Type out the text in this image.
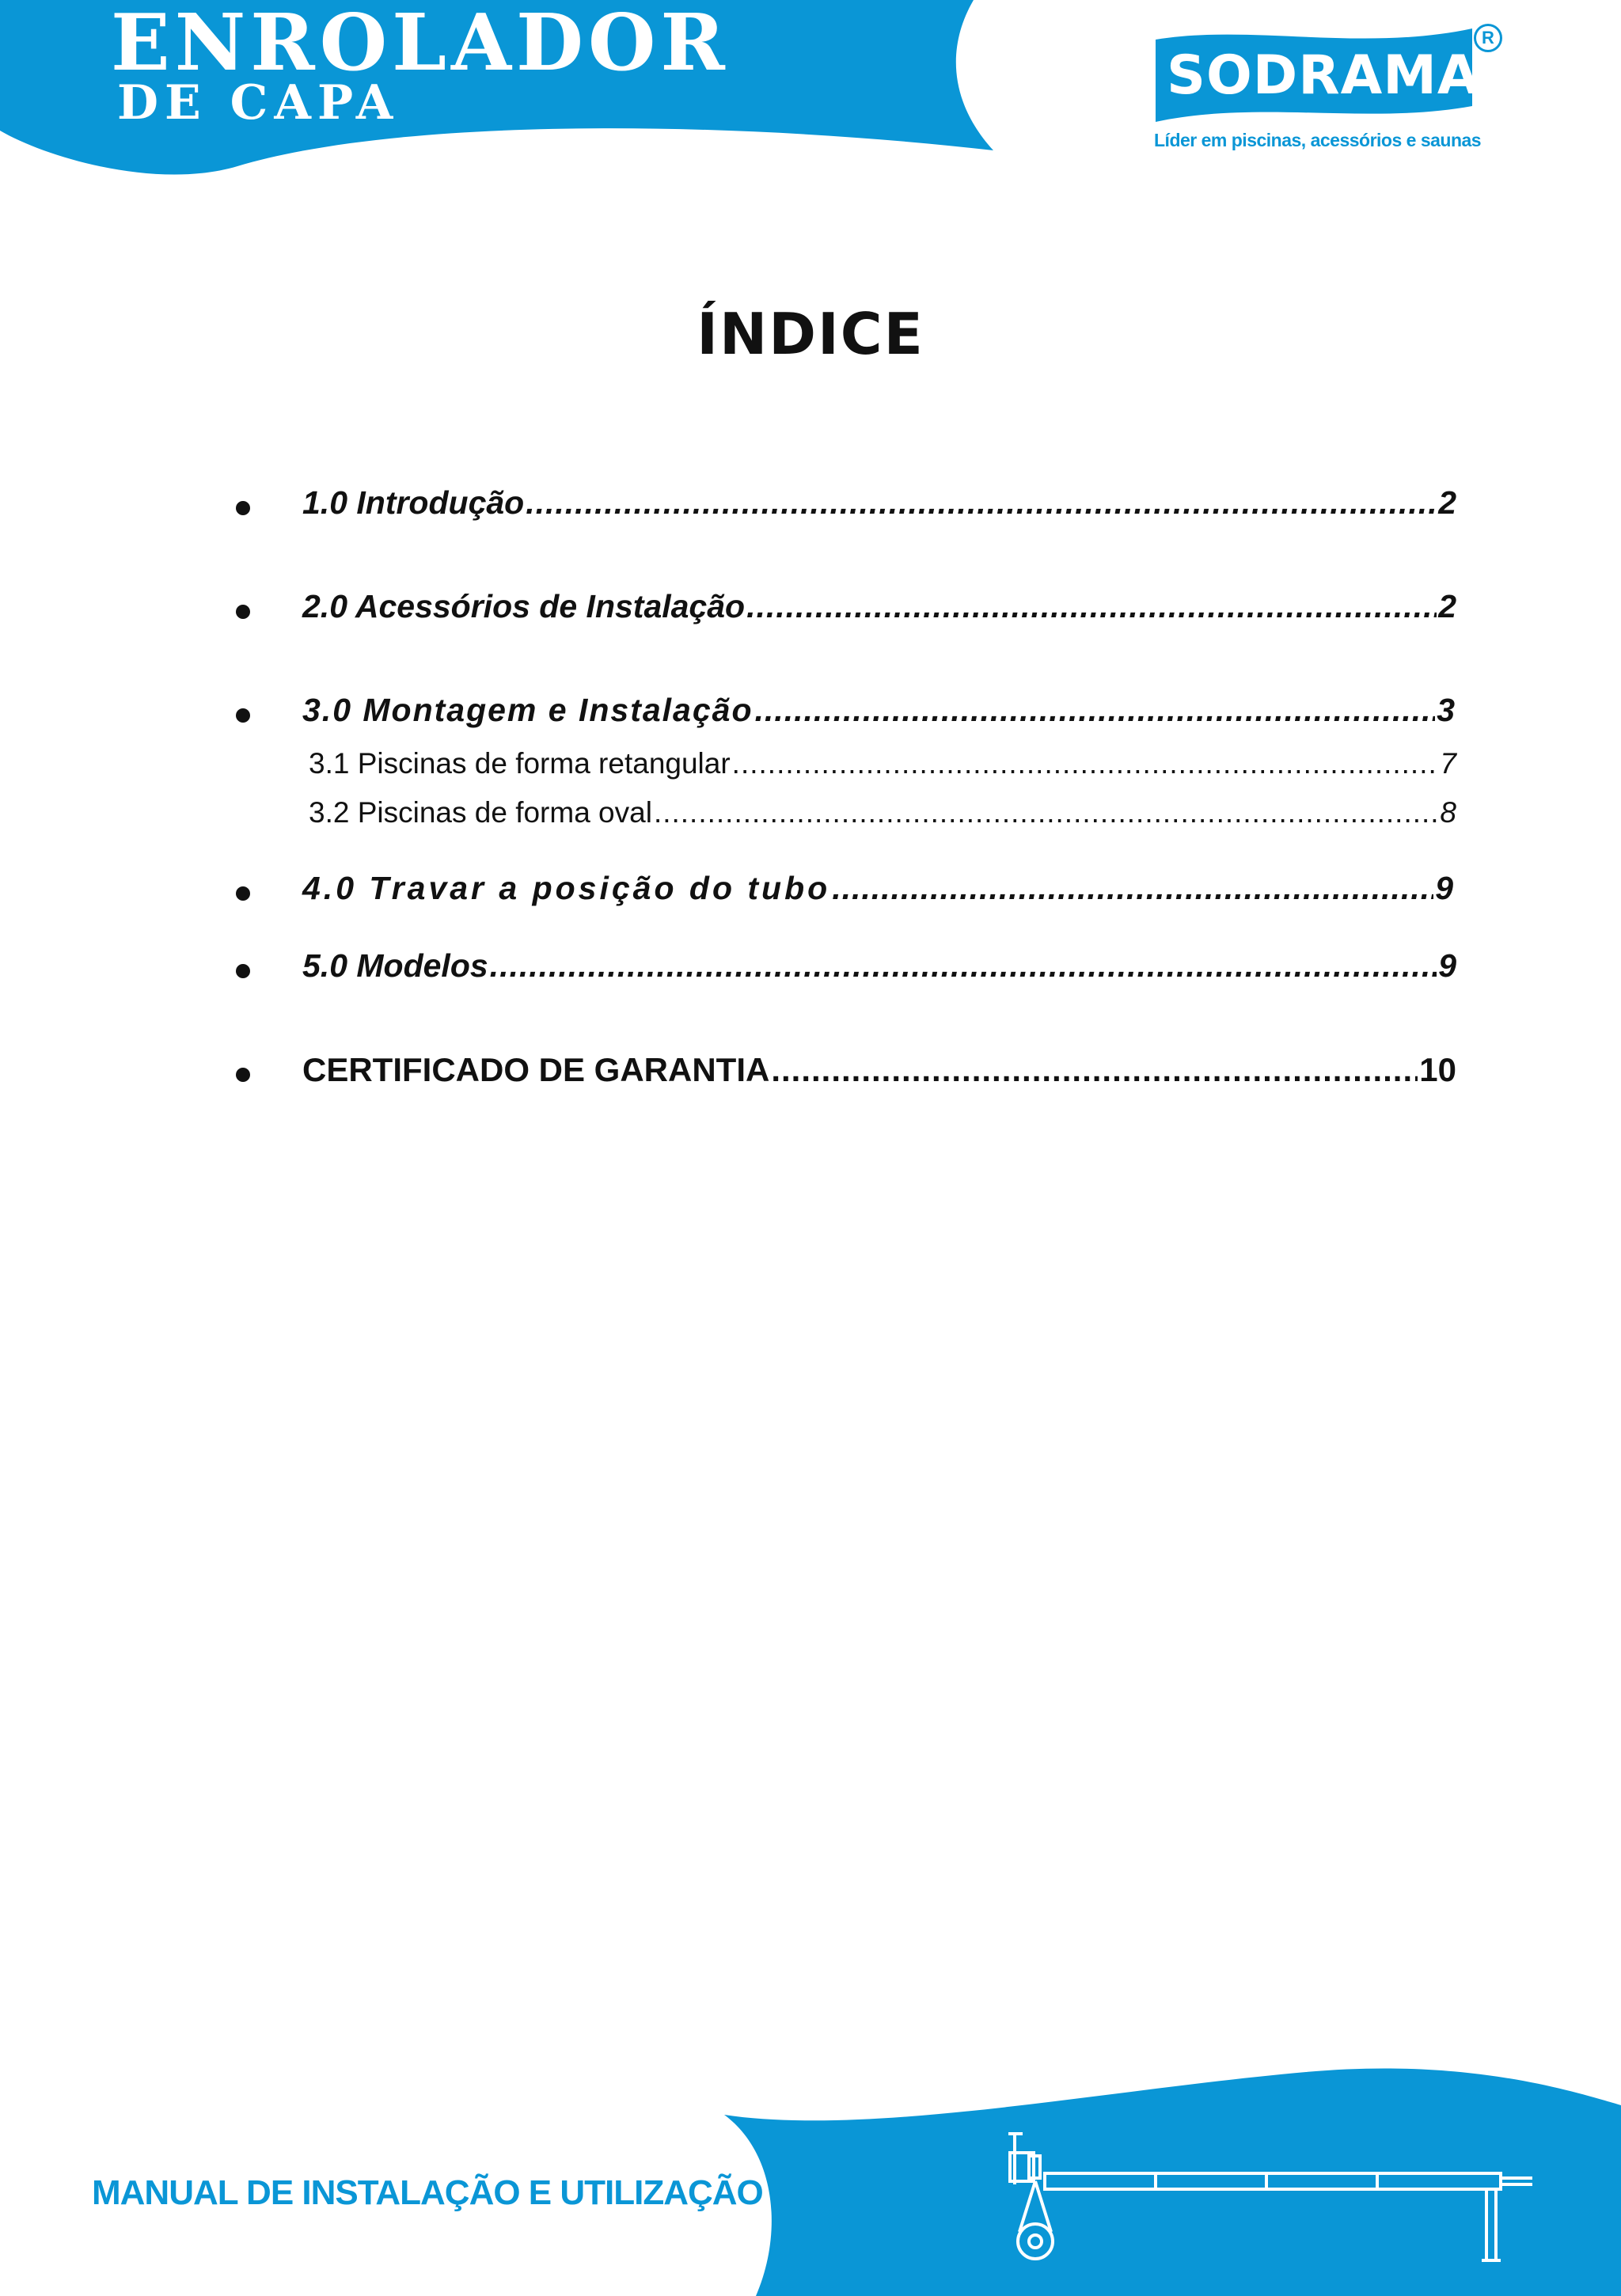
ENROLADOR
DE CAPA	SODRAMAR
R
Líder em piscinas, acessórios e saunas
ÍNDICE
1.0 Introdução .....	2
2.0 Acessórios de Instalação .....	2
3.0 Montagem e Instalação .....	3
3.1 Piscinas de forma retangular .....	7
3.2 Piscinas de forma oval .....	8
4.0 Travar a posição do tubo .....	9
5.0 Modelos .....	9
CERTIFICADO DE GARANTIA .....	10
MANUAL DE INSTALAÇÃO E UTILIZAÇÃO
